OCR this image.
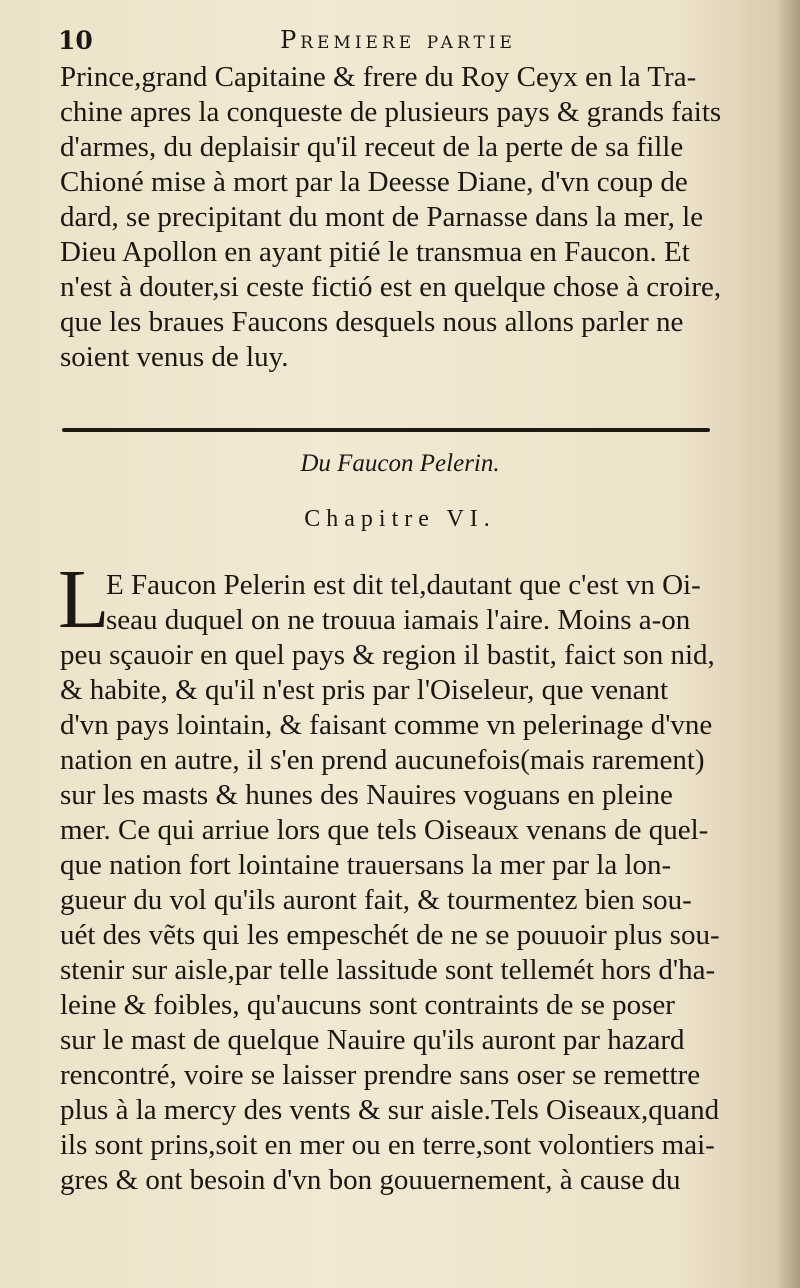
10	Premiere partie
Prince,grand Capitaine & frere du Roy Ceyx en la Tra-
chine apres la conqueste de plusieurs pays & grands faits
d'armes, du deplaisir qu'il receut de la perte de sa fille
Chioné mise à mort par la Deesse Diane, d'vn coup de
dard, se precipitant du mont de Parnasse dans la mer, le
Dieu Apollon en ayant pitié le transmua en Faucon. Et
n'est à douter,si ceste fictió est en quelque chose à croire,
que les braues Faucons desquels nous allons parler ne
soient venus de luy.
Du Faucon Pelerin.
Chapitre VI.
L
E Faucon Pelerin est dit tel,dautant que c'est vn Oi-
seau duquel on ne trouua iamais l'aire. Moins a-on
peu sçauoir en quel pays & region il bastit, faict son nid,
& habite, & qu'il n'est pris par l'Oiseleur, que venant
d'vn pays lointain, & faisant comme vn pelerinage d'vne
nation en autre, il s'en prend aucunefois(mais rarement)
sur les masts & hunes des Nauires voguans en pleine
mer. Ce qui arriue lors que tels Oiseaux venans de quel-
que nation fort lointaine trauersans la mer par la lon-
gueur du vol qu'ils auront fait, & tourmentez bien sou-
uét des vẽts qui les empeschét de ne se pouuoir plus sou-
stenir sur aisle,par telle lassitude sont tellemét hors d'ha-
leine & foibles, qu'aucuns sont contraints de se poser
sur le mast de quelque Nauire qu'ils auront par hazard
rencontré, voire se laisser prendre sans oser se remettre
plus à la mercy des vents & sur aisle.Tels Oiseaux,quand
ils sont prins,soit en mer ou en terre,sont volontiers mai-
gres & ont besoin d'vn bon gouuernement, à cause du
